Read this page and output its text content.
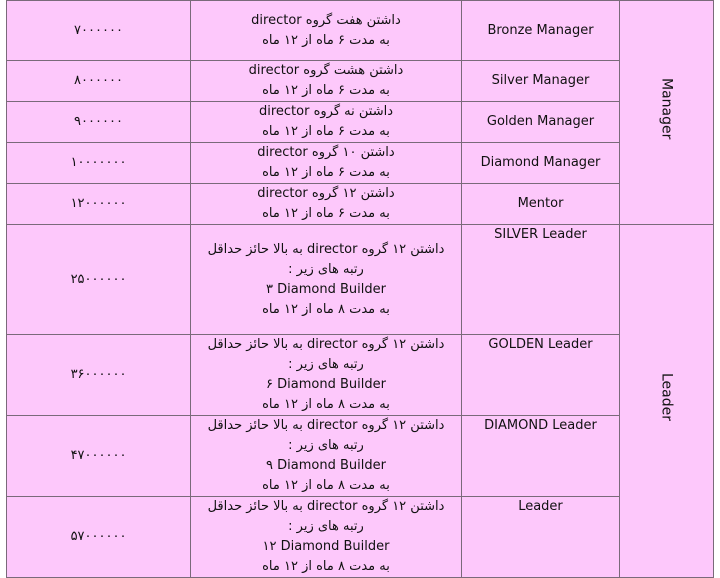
۷۰۰۰۰۰۰	داشتن هفت گروه director
به مدت ۶ ماه از ۱۲ ماه	Bronze Manager	Manager
۸۰۰۰۰۰۰	داشتن هشت گروه director
به مدت ۶ ماه از ۱۲ ماه	Silver Manager	
۹۰۰۰۰۰۰	داشتن نه گروه director
به مدت ۶ ماه از ۱۲ ماه	Golden Manager	
۱۰۰۰۰۰۰۰	داشتن ۱۰ گروه director
به مدت ۶ ماه از ۱۲ ماه	Diamond Manager	
۱۲۰۰۰۰۰۰	داشتن ۱۲ گروه director
به مدت ۶ ماه از ۱۲ ماه	Mentor	
۲۵۰۰۰۰۰۰	داشتن ۱۲ گروه director به بالا حائز حداقل
رتبه های زیر :
۳ Diamond Builder
به مدت ۸ ماه از ۱۲ ماه	SILVER Leader	Leader
۳۶۰۰۰۰۰۰	داشتن ۱۲ گروه director به بالا حائز حداقل
رتبه های زیر :
۶ Diamond Builder
به مدت ۸ ماه از ۱۲ ماه	GOLDEN Leader	
۴۷۰۰۰۰۰۰	داشتن ۱۲ گروه director به بالا حائز حداقل
رتبه های زیر :
۹ Diamond Builder
به مدت ۸ ماه از ۱۲ ماه	DIAMOND Leader	
۵۷۰۰۰۰۰۰	داشتن ۱۲ گروه director به بالا حائز حداقل
رتبه های زیر :
۱۲ Diamond Builder
به مدت ۸ ماه از ۱۲ ماه	Leader	
